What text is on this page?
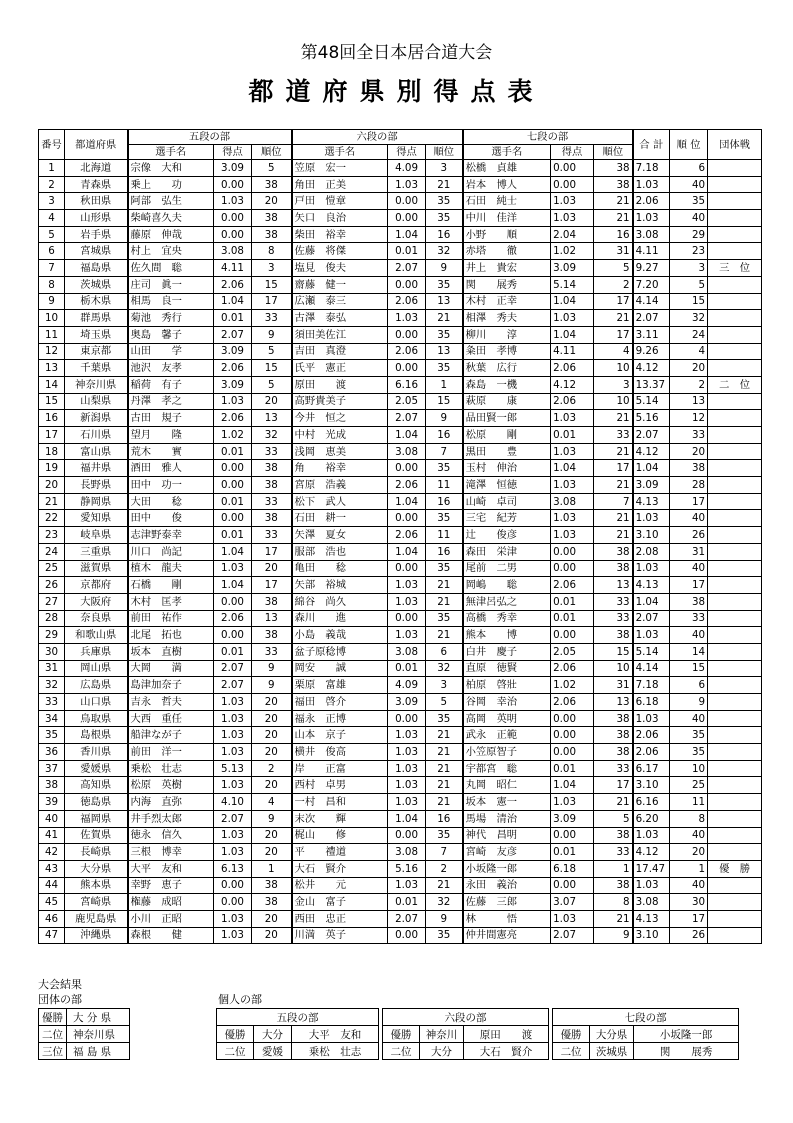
第48回全日本居合道大会
都道府県別得点表
番号	都道府県	五段の部			六段の部			七段の部			合 計	順 位	団体戦
		選手名	得点	順位	選手名	得点	順位	選手名	得点	順位			
1	北海道	宗像　大和	3.09	5	笠原　宏一	4.09	3	松橋　貞雄	0.00	38	7.18	6	
2	青森県	乗上　　功	0.00	38	角田　正美	1.03	21	岩本　博人	0.00	38	1.03	40	
3	秋田県	阿部　弘生	1.03	20	戸田　愷章	0.00	35	石田　純士	1.03	21	2.06	35	
4	山形県	柴崎喜久夫	0.00	38	矢口　良治	0.00	35	中川　佳洋	1.03	21	1.03	40	
5	岩手県	藤原　伸哉	0.00	38	柴田　裕幸	1.04	16	小野　　順	2.04	16	3.08	29	
6	宮城県	村上　宜央	3.08	8	佐藤　将傑	0.01	32	赤塔　　徹	1.02	31	4.11	23	
7	福島県	佐久間　聡	4.11	3	塩見　俊夫	2.07	9	井上　貴宏	3.09	5	9.27	3	三　位
8	茨城県	庄司　眞一	2.06	15	齋藤　健一	0.00	35	関　　展秀	5.14	2	7.20	5	
9	栃木県	相馬　良一	1.04	17	広瀬　泰三	2.06	13	木村　正幸	1.04	17	4.14	15	
10	群馬県	菊池　秀行	0.01	33	古澤　泰弘	1.03	21	相澤　秀夫	1.03	21	2.07	32	
11	埼玉県	奥島　馨子	2.07	9	須田美佐江	0.00	35	柳川　　淳	1.04	17	3.11	24	
12	東京都	山田　　学	3.09	5	吉田　真澄	2.06	13	粂田　孝博	4.11	4	9.26	4	
13	千葉県	池沢　友孝	2.06	15	氏平　憲正	0.00	35	秋葉　広行	2.06	10	4.12	20	
14	神奈川県	稲荷　有子	3.09	5	原田　　渡	6.16	1	森島　一機	4.12	3	13.37	2	二　位
15	山梨県	丹澤　孝之	1.03	20	高野貴美子	2.05	15	萩原　　康	2.06	10	5.14	13	
16	新潟県	古田　規子	2.06	13	今井　恒之	2.07	9	品田賢一郎	1.03	21	5.16	12	
17	石川県	望月　　隆	1.02	32	中村　光成	1.04	16	松原　　剛	0.01	33	2.07	33	
18	富山県	荒木　　實	0.01	33	浅岡　恵美	3.08	7	黒田　　豊	1.03	21	4.12	20	
19	福井県	酒田　雅人	0.00	38	角　　裕幸	0.00	35	玉村　伸治	1.04	17	1.04	38	
20	長野県	田中　功一	0.00	38	宮原　浩義	2.06	11	滝澤　恒徳	1.03	21	3.09	28	
21	静岡県	大田　　稔	0.01	33	松下　武人	1.04	16	山崎　卓司	3.08	7	4.13	17	
22	愛知県	田中　　俊	0.00	38	石田　耕一	0.00	35	三宅　紀芳	1.03	21	1.03	40	
23	岐阜県	志津野泰幸	0.01	33	矢澤　夏女	2.06	11	辻　　俊彦	1.03	21	3.10	26	
24	三重県	川口　尚記	1.04	17	服部　浩也	1.04	16	森田　栄津	0.00	38	2.08	31	
25	滋賀県	植木　龍夫	1.03	20	亀田　　稔	0.00	35	尾前　二男	0.00	38	1.03	40	
26	京都府	石橋　　剛	1.04	17	矢部　裕城	1.03	21	岡嶋　　聡	2.06	13	4.13	17	
27	大阪府	木村　匡孝	0.00	38	綿谷　尚久	1.03	21	無津呂弘之	0.01	33	1.04	38	
28	奈良県	前田　祐作	2.06	13	森川　　進	0.00	35	高橋　秀幸	0.01	33	2.07	33	
29	和歌山県	北尾　拓也	0.00	38	小島　義哉	1.03	21	熊本　　博	0.00	38	1.03	40	
30	兵庫県	坂本　直樹	0.01	33	盆子原稔博	3.08	6	白井　慶子	2.05	15	5.14	14	
31	岡山県	大岡　　満	2.07	9	岡安　　誠	0.01	32	直原　徳賢	2.06	10	4.14	15	
32	広島県	島津加奈子	2.07	9	栗原　富雄	4.09	3	柏原　啓壯	1.02	31	7.18	6	
33	山口県	吉永　哲夫	1.03	20	福田　啓介	3.09	5	谷岡　幸治	2.06	13	6.18	9	
34	鳥取県	大西　重任	1.03	20	福永　正博	0.00	35	高岡　英明	0.00	38	1.03	40	
35	島根県	船津なが子	1.03	20	山本　京子	1.03	21	武永　正範	0.00	38	2.06	35	
36	香川県	前田　洋一	1.03	20	横井　俊高	1.03	21	小笠原智子	0.00	38	2.06	35	
37	愛媛県	乗松　壮志	5.13	2	岸　　正富	1.03	21	宇都宮　聡	0.01	33	6.17	10	
38	高知県	松原　英樹	1.03	20	西村　卓男	1.03	21	丸岡　昭仁	1.04	17	3.10	25	
39	徳島県	内海　直弥	4.10	4	一村　昌和	1.03	21	坂本　憲一	1.03	21	6.16	11	
40	福岡県	井手烈太郎	2.07	9	末次　　輝	1.04	16	馬場　清治	3.09	5	6.20	8	
41	佐賀県	徳永　信久	1.03	20	梶山　　修	0.00	35	神代　昌明	0.00	38	1.03	40	
42	長崎県	三根　博幸	1.03	20	平　　禮道	3.08	7	宮崎　友彦	0.01	33	4.12	20	
43	大分県	大平　友和	6.13	1	大石　賢介	5.16	2	小坂隆一郎	6.18	1	17.47	1	優　勝
44	熊本県	幸野　恵子	0.00	38	松井　　元	1.03	21	永田　義治	0.00	38	1.03	40	
45	宮崎県	権藤　成昭	0.00	38	金山　富子	0.01	32	佐藤　三郎	3.07	8	3.08	30	
46	鹿児島県	小川　正昭	1.03	20	西田　忠正	2.07	9	林　　　悟	1.03	21	4.13	17	
47	沖縄県	森根　　健	1.03	20	川満　英子	0.00	35	仲井間憲亮	2.07	9	3.10	26	
大会結果
団体の部	個人の部
優勝	大 分 県
二位	神奈川県
三位	福 島 県
五段の部				六段の部				七段の部		
優勝	大分	大平　友和		優勝	神奈川	原田　　渡		優勝	大分県	小坂隆一郎
二位	愛媛	乗松　壮志		二位	大分	大石　賢介		二位	茨城県	関　　展秀
